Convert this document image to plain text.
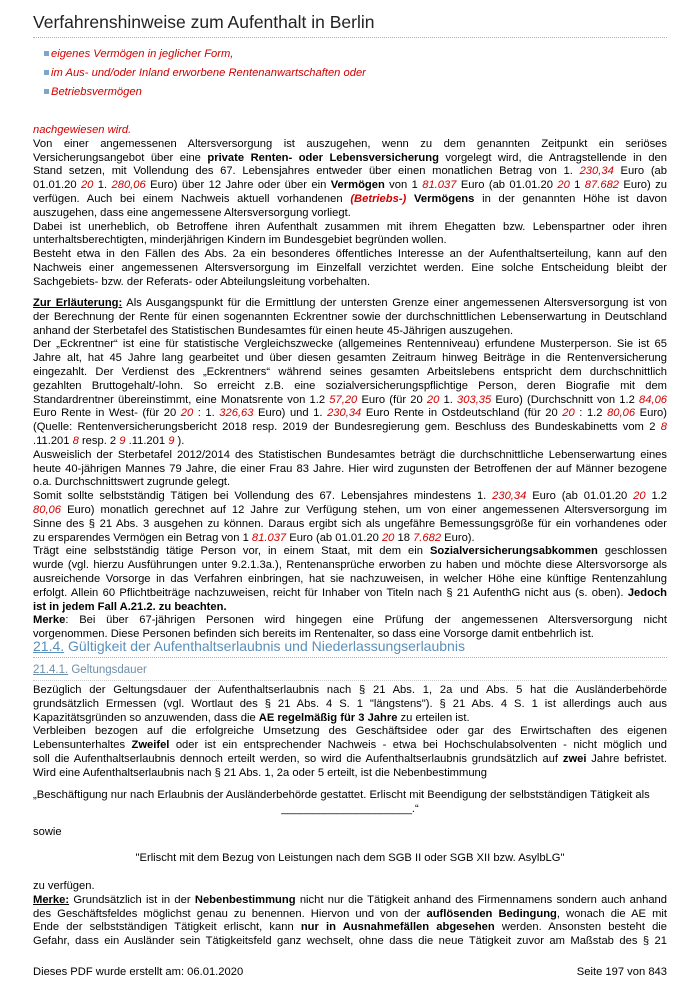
Verfahrenshinweise zum Aufenthalt in Berlin
eigenes Vermögen in jeglicher Form,
im Aus- und/oder Inland erworbene Rentenanwartschaften oder
Betriebsvermögen
nachgewiesen wird.
Von einer angemessenen Altersversorgung ist auszugehen, wenn zu dem genannten Zeitpunkt ein seriöses
Versicherungsangebot über eine private Renten- oder Lebensversicherung vorgelegt wird, die Antragstellende in den
Stand setzen, mit Vollendung des 67. Lebensjahres entweder über einen monatlichen Betrag von 1. 230,34 Euro (ab
01.01.20 20 1. 280,06 Euro) über 12 Jahre oder über ein Vermögen von 1 81.037 Euro (ab 01.01.20 20 1 87.682 Euro) zu
verfügen. Auch bei einem Nachweis aktuell vorhandenen (Betriebs-) Vermögens in der genannten Höhe ist davon
auszugehen, dass eine angemessene Altersversorgung vorliegt.
Dabei ist unerheblich, ob Betroffene ihren Aufenthalt zusammen mit ihrem Ehegatten bzw. Lebenspartner oder ihren
unterhaltsberechtigten, minderjährigen Kindern im Bundesgebiet begründen wollen.
Besteht etwa in den Fällen des Abs. 2a ein besonderes öffentliches Interesse an der Aufenthaltserteilung, kann auf den
Nachweis einer angemessenen Altersversorgung im Einzelfall verzichtet werden. Eine solche Entscheidung bleibt der
Sachgebiets- bzw. der Referats- oder Abteilungsleitung vorbehalten.
Zur Erläuterung: Als Ausgangspunkt für die Ermittlung der untersten Grenze einer angemessenen Altersversorgung ist von
der Berechnung der Rente für einen sogenannten Eckrentner sowie der durchschnittlichen Lebenserwartung in Deutschland
anhand der Sterbetafel des Statistischen Bundesamtes für einen heute 45-Jährigen auszugehen.
Der „Eckrentner“ ist eine für statistische Vergleichszwecke (allgemeines Rentenniveau) erfundene Musterperson. Sie ist 65
Jahre alt, hat 45 Jahre lang gearbeitet und über diesen gesamten Zeitraum hinweg Beiträge in die Rentenversicherung
eingezahlt. Der Verdienst des „Eckrentners“ während seines gesamten Arbeitslebens entspricht dem durchschnittlich
gezahlten Bruttogehalt/-lohn. So erreicht z.B. eine sozialversicherungspflichtige Person, deren Biografie mit dem
Standardrentner übereinstimmt, eine Monatsrente von 1.2 57,20 Euro (für 20 20 1. 303,35 Euro) (Durchschnitt von 1.2 84,06
Euro Rente in West- (für 20 20 : 1. 326,63 Euro) und 1. 230,34 Euro Rente in Ostdeutschland (für 20 20 : 1.2 80,06 Euro)
(Quelle: Rentenversicherungsbericht 2018 resp. 2019 der Bundesregierung gem. Beschluss des Bundeskabinetts vom 2 8
.11.201 8 resp. 2 9 .11.201 9 ).
Ausweislich der Sterbetafel 2012/2014 des Statistischen Bundesamtes beträgt die durchschnittliche Lebenserwartung eines
heute 40-jährigen Mannes 79 Jahre, die einer Frau 83 Jahre. Hier wird zugunsten der Betroffenen der auf Männer bezogene
o.a. Durchschnittswert zugrunde gelegt.
Somit sollte selbstständig Tätigen bei Vollendung des 67. Lebensjahres mindestens 1. 230,34 Euro (ab 01.01.20 20 1.2
80,06 Euro) monatlich gerechnet auf 12 Jahre zur Verfügung stehen, um von einer angemessenen Altersversorgung im
Sinne des § 21 Abs. 3 ausgehen zu können. Daraus ergibt sich als ungefähre Bemessungsgröße für ein vorhandenes oder
zu ersparendes Vermögen ein Betrag von 1 81.037 Euro (ab 01.01.20 20 18 7.682 Euro).
Trägt eine selbstständig tätige Person vor, in einem Staat, mit dem ein Sozialversicherungsabkommen geschlossen
wurde (vgl. hierzu Ausführungen unter 9.2.1.3a.), Rentenansprüche erworben zu haben und möchte diese Altersvorsorge als
ausreichende Vorsorge in das Verfahren einbringen, hat sie nachzuweisen, in welcher Höhe eine künftige Rentenzahlung
erfolgt. Allein 60 Pflichtbeiträge nachzuweisen, reicht für Inhaber von Titeln nach § 21 AufenthG nicht aus (s. oben). Jedoch
ist in jedem Fall A.21.2. zu beachten.
Merke: Bei über 67-jährigen Personen wird hingegen eine Prüfung der angemessenen Altersversorgung nicht
vorgenommen. Diese Personen befinden sich bereits im Rentenalter, so dass eine Vorsorge damit entbehrlich ist.
21.4. Gültigkeit der Aufenthaltserlaubnis und Niederlassungserlaubnis
21.4.1. Geltungsdauer
Bezüglich der Geltungsdauer der Aufenthaltserlaubnis nach § 21 Abs. 1, 2a und Abs. 5 hat die Ausländerbehörde
grundsätzlich Ermessen (vgl. Wortlaut des § 21 Abs. 4 S. 1 "längstens"). § 21 Abs. 4 S. 1 ist allerdings auch aus
Kapazitätsgründen so anzuwenden, dass die AE regelmäßig für 3 Jahre zu erteilen ist.
Verbleiben bezogen auf die erfolgreiche Umsetzung des Geschäftsidee oder gar des Erwirtschaften des eigenen
Lebensunterhaltes Zweifel oder ist ein entsprechender Nachweis - etwa bei Hochschulabsolventen - nicht möglich und
soll die Aufenthaltserlaubnis dennoch erteilt werden, so wird die Aufenthaltserlaubnis grundsätzlich auf zwei Jahre befristet.
Wird eine Aufenthaltserlaubnis nach § 21 Abs. 1, 2a oder 5 erteilt, ist die Nebenbestimmung
„Beschäftigung nur nach Erlaubnis der Ausländerbehörde gestattet. Erlischt mit Beendigung der selbstständigen Tätigkeit als
_____________________.“
sowie
"Erlischt mit dem Bezug von Leistungen nach dem SGB II oder SGB XII bzw. AsylbLG"
zu verfügen.
Merke: Grundsätzlich ist in der Nebenbestimmung nicht nur die Tätigkeit anhand des Firmennamens sondern auch anhand
des Geschäftsfeldes möglichst genau zu benennen. Hiervon und von der auflösenden Bedingung, wonach die AE mit
Ende der selbstständigen Tätigkeit erlischt, kann nur in Ausnahmefällen abgesehen werden. Ansonsten besteht die
Gefahr, dass ein Ausländer sein Tätigkeitsfeld ganz wechselt, ohne dass die neue Tätigkeit zuvor am Maßstab des § 21
Dieses PDF wurde erstellt am: 06.01.2020	Seite 197 von 843
